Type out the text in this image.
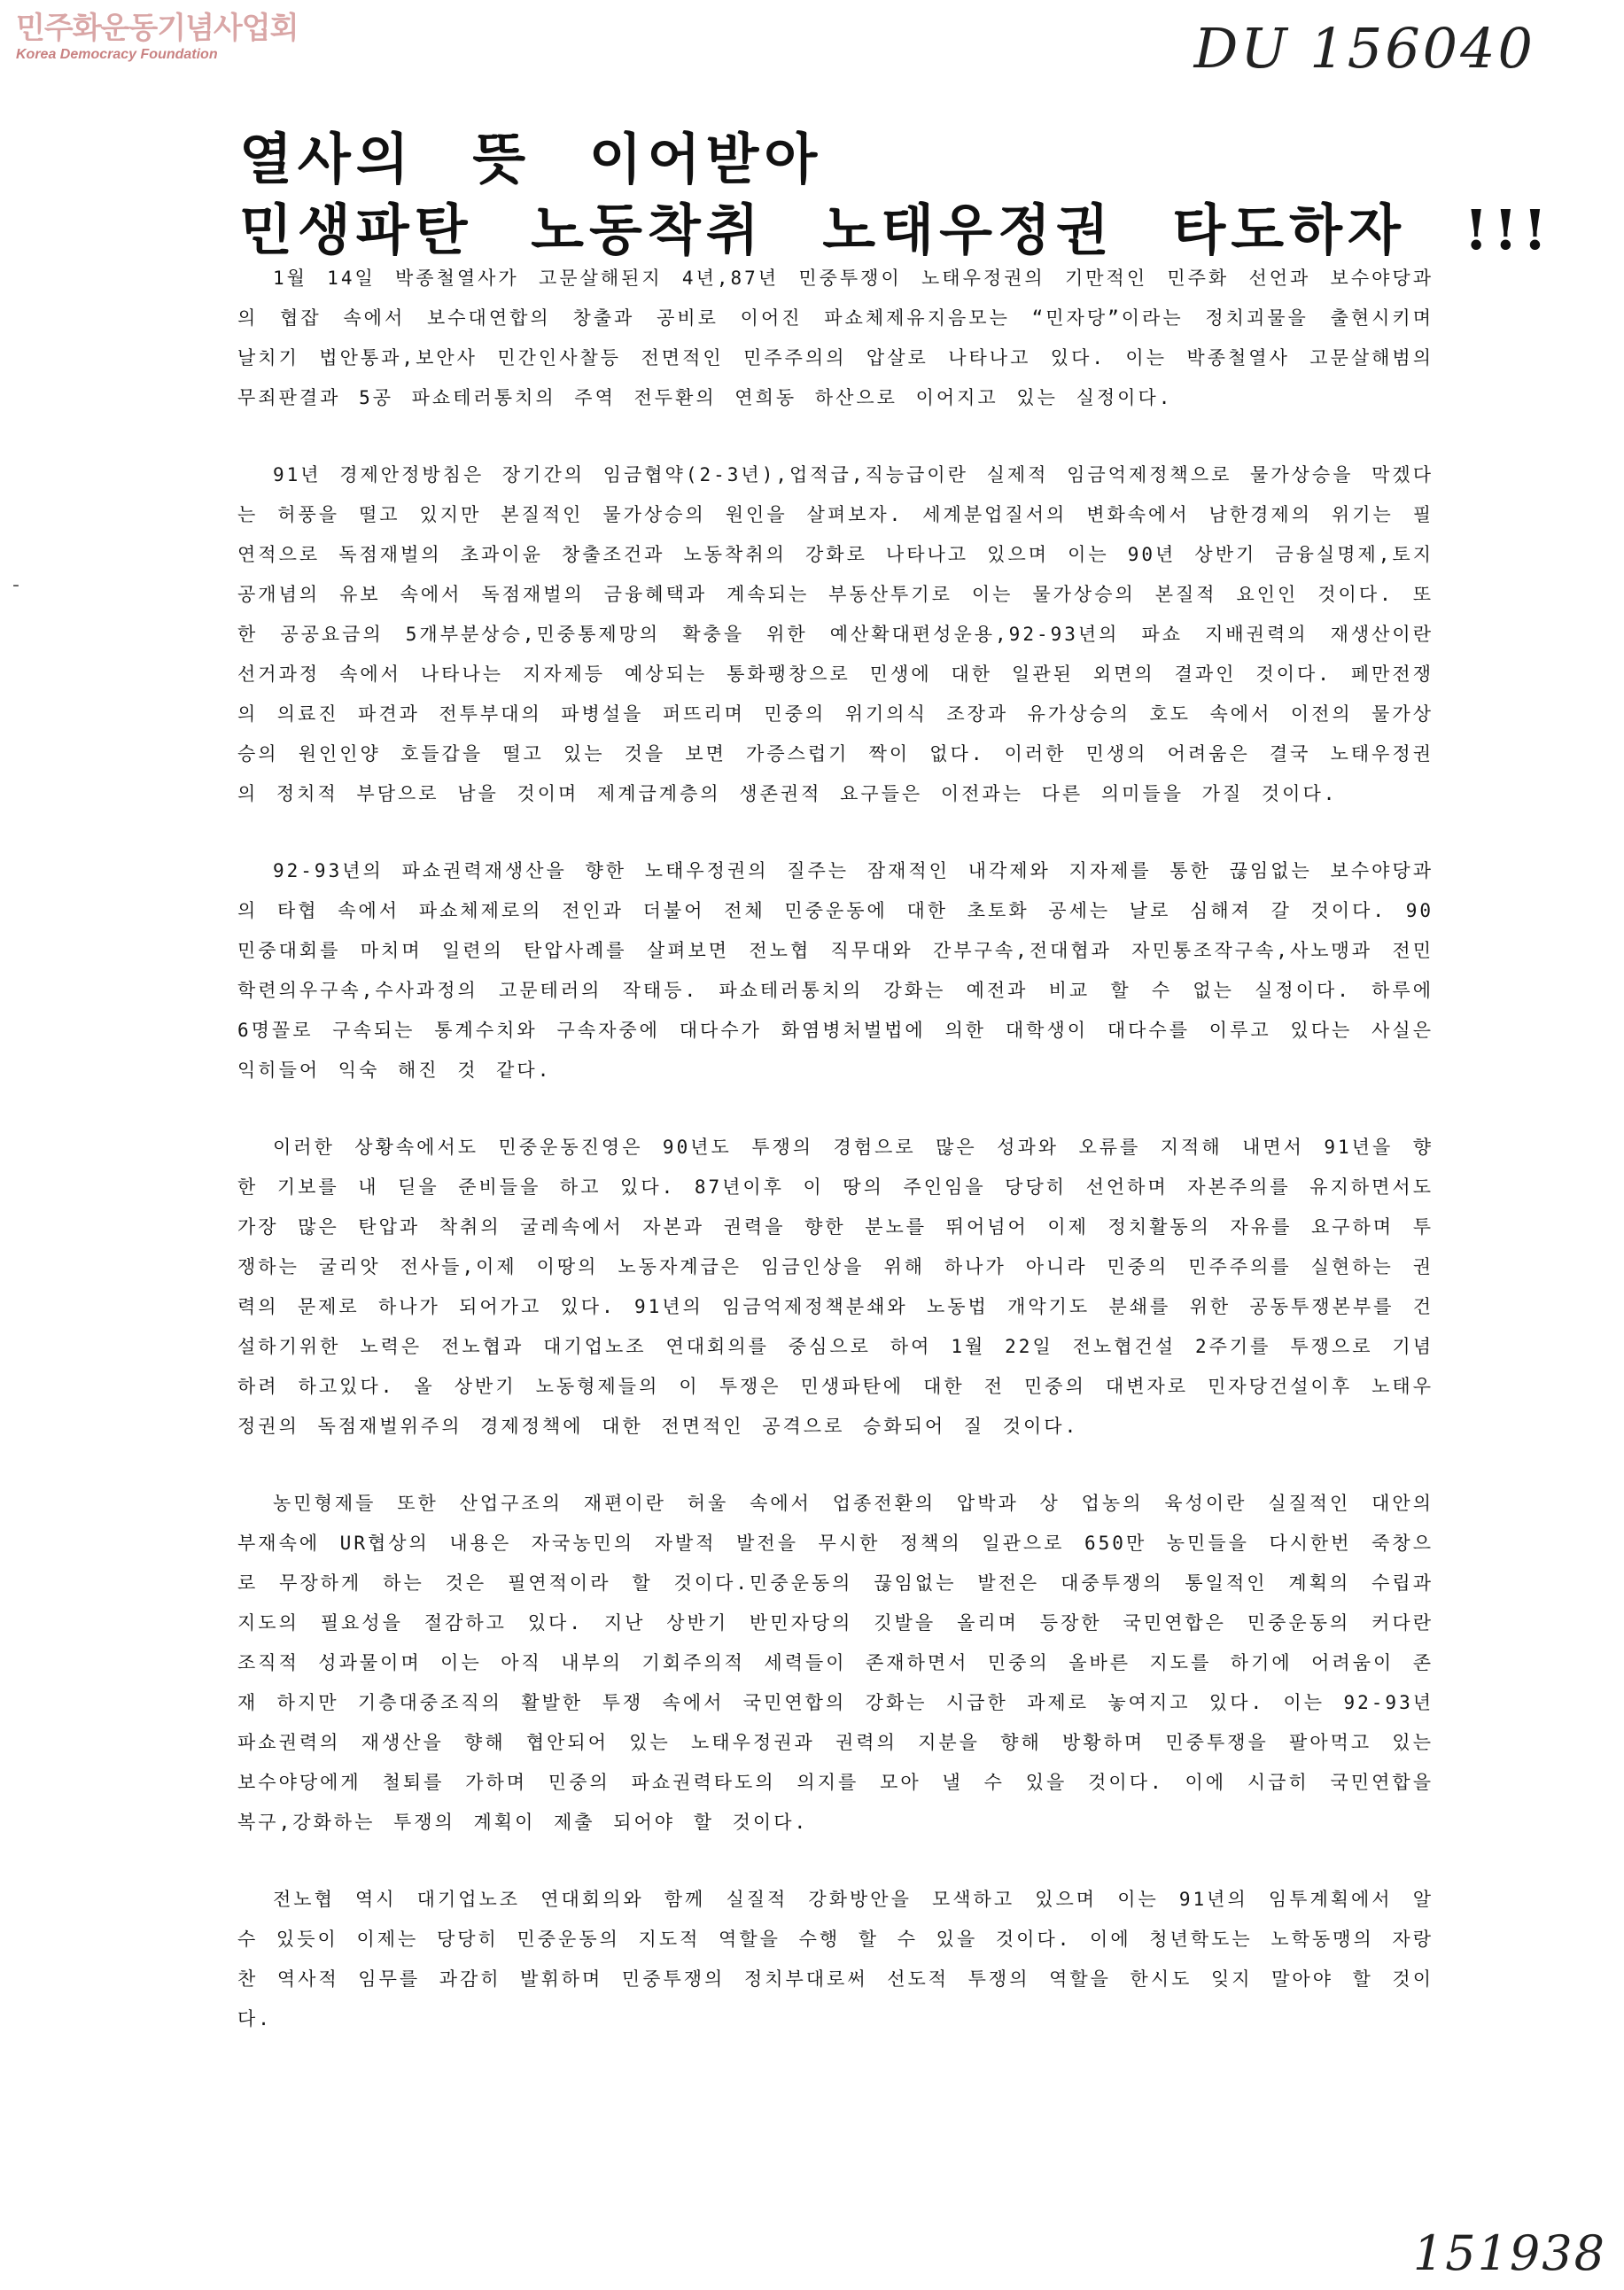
민주화운동기념사업회
Korea Democracy Foundation	DU 156040
열사의 뜻 이어받아
민생파탄 노동착취 노태우정권 타도하자 !!!

1월 14일 박종철열사가 고문살해된지 4년,87년 민중투쟁이 노태우정권의 기만적인 민주화 선언과 보수야당과의 협잡 속에서 보수대연합의 창출과 공비로 이어진 파쇼체제유지음모는 “민자당”이라는 정치괴물을 출현시키며 날치기 법안통과,보안사 민간인사찰등 전면적인 민주주의의 압살로 나타나고 있다. 이는 박종철열사 고문살해범의 무죄판결과 5공 파쇼테러통치의 주역 전두환의 연희동 하산으로 이어지고 있는 실정이다.

91년 경제안정방침은 장기간의 임금협약(2-3년),업적급,직능급이란 실제적 임금억제정책으로 물가상승을 막겠다는 허풍을 떨고 있지만 본질적인 물가상승의 원인을 살펴보자. 세계분업질서의 변화속에서 남한경제의 위기는 필연적으로 독점재벌의 초과이윤 창출조건과 노동착취의 강화로 나타나고 있으며 이는 90년 상반기 금융실명제,토지공개념의 유보 속에서 독점재벌의 금융혜택과 계속되는 부동산투기로 이는 물가상승의 본질적 요인인 것이다. 또한 공공요금의 5개부분상승,민중통제망의 확충을 위한 예산확대편성운용,92-93년의 파쇼 지배권력의 재생산이란 선거과정 속에서 나타나는 지자제등 예상되는 통화팽창으로 민생에 대한 일관된 외면의 결과인 것이다. 페만전쟁의 의료진 파견과 전투부대의 파병설을 퍼뜨리며 민중의 위기의식 조장과 유가상승의 호도 속에서 이전의 물가상승의 원인인양 호들갑을 떨고 있는 것을 보면 가증스럽기 짝이 없다. 이러한 민생의 어려움은 결국 노태우정권의 정치적 부담으로 남을 것이며 제계급계층의 생존권적 요구들은 이전과는 다른 의미들을 가질 것이다.

92-93년의 파쇼권력재생산을 향한 노태우정권의 질주는 잠재적인 내각제와 지자제를 통한 끊임없는 보수야당과의 타협 속에서 파쇼체제로의 전인과 더불어 전체 민중운동에 대한 초토화 공세는 날로 심해져 갈 것이다. 90민중대회를 마치며 일련의 탄압사례를 살펴보면 전노협 직무대와 간부구속,전대협과 자민통조작구속,사노맹과 전민학련의우구속,수사과정의 고문테러의 작태등. 파쇼테러통치의 강화는 예전과 비교 할 수 없는 실정이다. 하루에 6명꼴로 구속되는 통계수치와 구속자중에 대다수가 화염병처벌법에 의한 대학생이 대다수를 이루고 있다는 사실은 익히들어 익숙 해진 것 같다.

이러한 상황속에서도 민중운동진영은 90년도 투쟁의 경험으로 많은 성과와 오류를 지적해 내면서 91년을 향한 기보를 내 딛을 준비들을 하고 있다. 87년이후 이 땅의 주인임을 당당히 선언하며 자본주의를 유지하면서도 가장 많은 탄압과 착취의 굴레속에서 자본과 권력을 향한 분노를 뛰어넘어 이제 정치활동의 자유를 요구하며 투쟁하는 굴리앗 전사들,이제 이땅의 노동자계급은 임금인상을 위해 하나가 아니라 민중의 민주주의를 실현하는 권력의 문제로 하나가 되어가고 있다. 91년의 임금억제정책분쇄와 노동법 개악기도 분쇄를 위한 공동투쟁본부를 건설하기위한 노력은 전노협과 대기업노조 연대회의를 중심으로 하여 1월 22일 전노협건설 2주기를 투쟁으로 기념하려 하고있다. 올 상반기 노동형제들의 이 투쟁은 민생파탄에 대한 전 민중의 대변자로 민자당건설이후 노태우정권의 독점재벌위주의 경제정책에 대한 전면적인 공격으로 승화되어 질 것이다.

농민형제들 또한 산업구조의 재편이란 허울 속에서 업종전환의 압박과 상 업농의 육성이란 실질적인 대안의 부재속에 UR협상의 내용은 자국농민의 자발적 발전을 무시한 정책의 일관으로 650만 농민들을 다시한번 죽창으로 무장하게 하는 것은 필연적이라 할 것이다.민중운동의 끊임없는 발전은 대중투쟁의 통일적인 계획의 수립과 지도의 필요성을 절감하고 있다. 지난 상반기 반민자당의 깃발을 올리며 등장한 국민연합은 민중운동의 커다란 조직적 성과물이며 이는 아직 내부의 기회주의적 세력들이 존재하면서 민중의 올바른 지도를 하기에 어려움이 존재 하지만 기층대중조직의 활발한 투쟁 속에서 국민연합의 강화는 시급한 과제로 놓여지고 있다. 이는 92-93년 파쇼권력의 재생산을 향해 협안되어 있는 노태우정권과 권력의 지분을 향해 방황하며 민중투쟁을 팔아먹고 있는 보수야당에게 철퇴를 가하며 민중의 파쇼권력타도의 의지를 모아 낼 수 있을 것이다. 이에 시급히 국민연합을 복구,강화하는 투쟁의 계획이 제출 되어야 할 것이다.

전노협 역시 대기업노조 연대회의와 함께 실질적 강화방안을 모색하고 있으며 이는 91년의 임투계획에서 알 수 있듯이 이제는 당당히 민중운동의 지도적 역할을 수행 할 수 있을 것이다. 이에 청년학도는 노학동맹의 자랑찬 역사적 임무를 과감히 발휘하며 민중투쟁의 정치부대로써 선도적 투쟁의 역할을 한시도 잊지 말아야 할 것이다.

-
151938
